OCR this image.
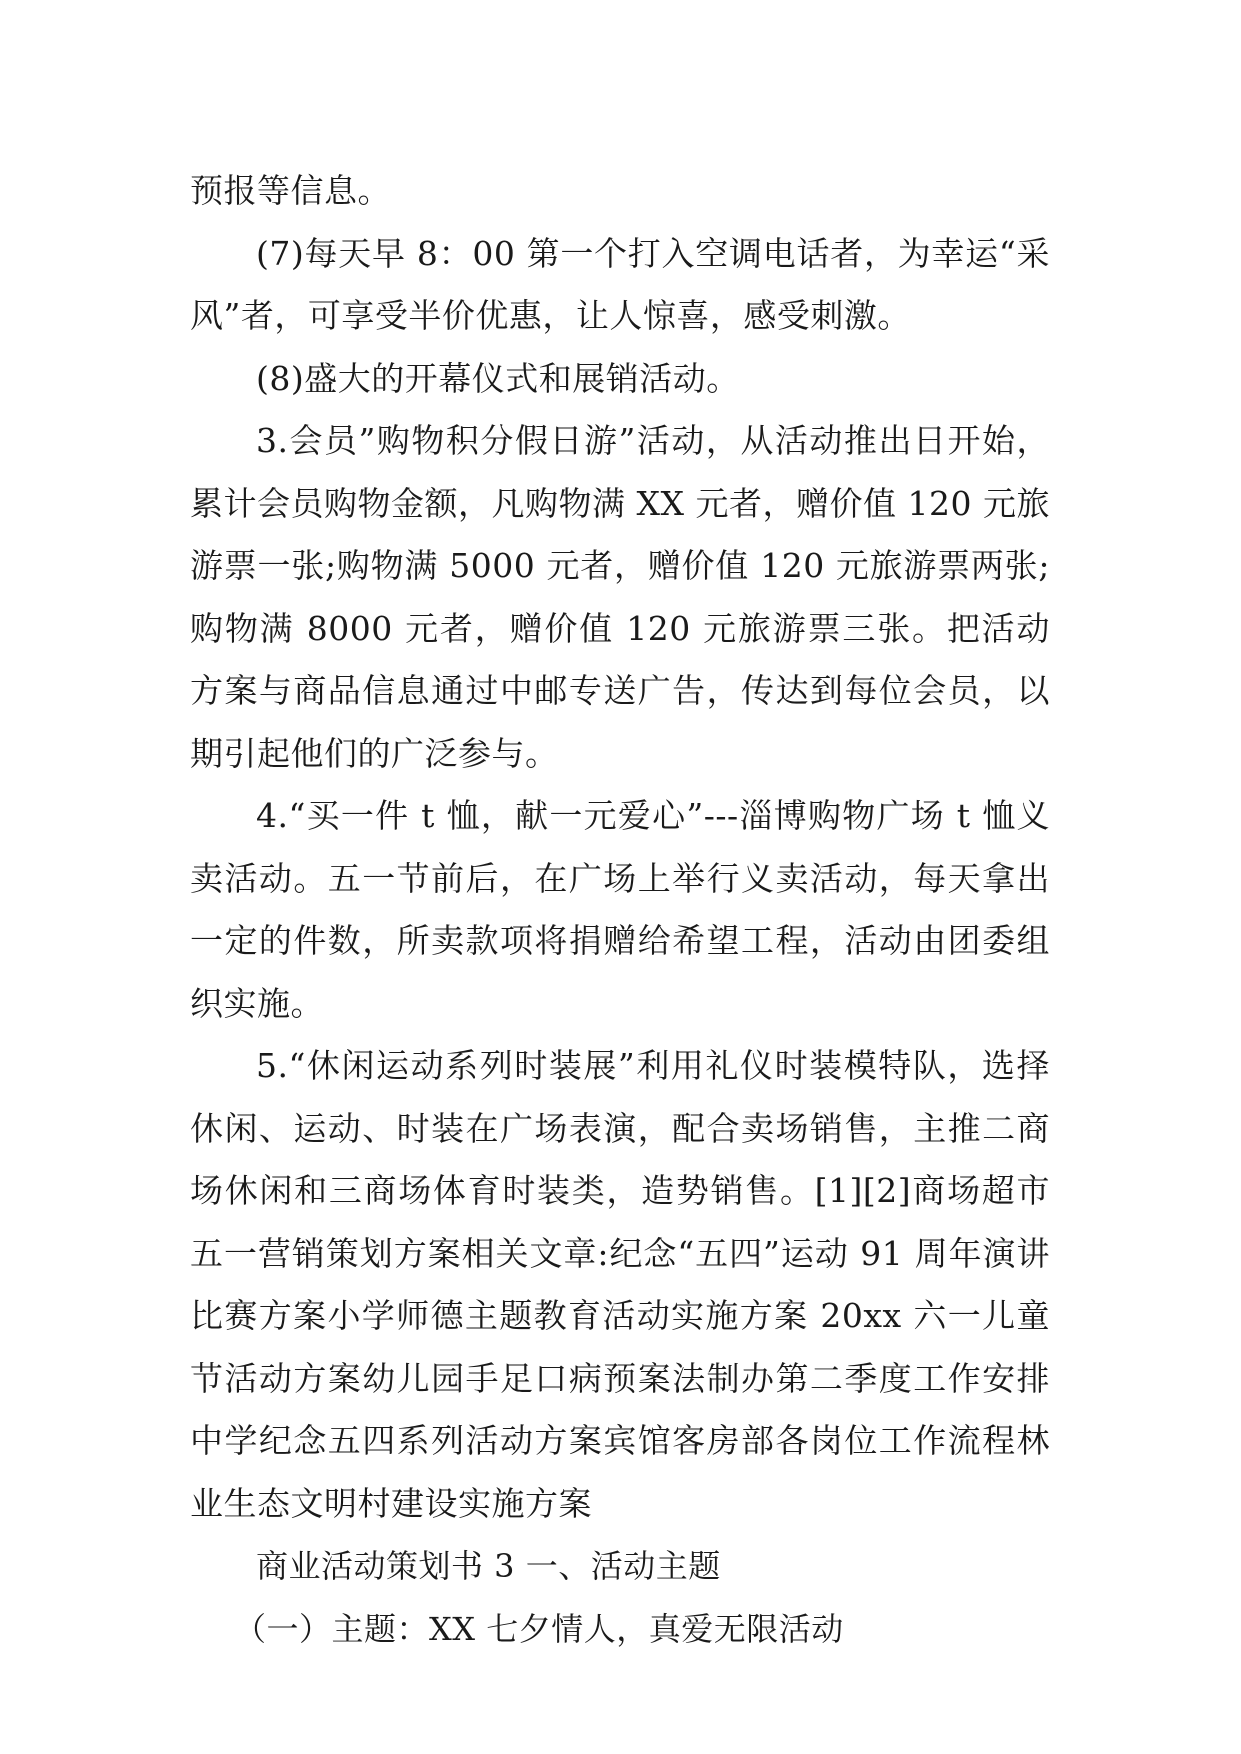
预报等信息。

(7)每天早 8：00 第一个打入空调电话者，为幸运“采风”者，可享受半价优惠，让人惊喜，感受刺激。

(8)盛大的开幕仪式和展销活动。

3.会员”购物积分假日游”活动，从活动推出日开始，累计会员购物金额，凡购物满 XX 元者，赠价值 120 元旅游票一张;购物满 5000 元者，赠价值 120 元旅游票两张;购物满 8000 元者，赠价值 120 元旅游票三张。把活动方案与商品信息通过中邮专送广告，传达到每位会员，以期引起他们的广泛参与。

4.“买一件 t 恤，献一元爱心”---淄博购物广场 t 恤义卖活动。五一节前后，在广场上举行义卖活动，每天拿出一定的件数，所卖款项将捐赠给希望工程，活动由团委组织实施。

5.“休闲运动系列时装展”利用礼仪时装模特队，选择休闲、运动、时装在广场表演，配合卖场销售，主推二商场休闲和三商场体育时装类，造势销售。[1][2]商场超市五一营销策划方案相关文章:纪念“五四”运动 91 周年演讲比赛方案小学师德主题教育活动实施方案 20xx 六一儿童节活动方案幼儿园手足口病预案法制办第二季度工作安排中学纪念五四系列活动方案宾馆客房部各岗位工作流程林业生态文明村建设实施方案

商业活动策划书 3 一、活动主题

（一）主题：XX 七夕情人，真爱无限活动
